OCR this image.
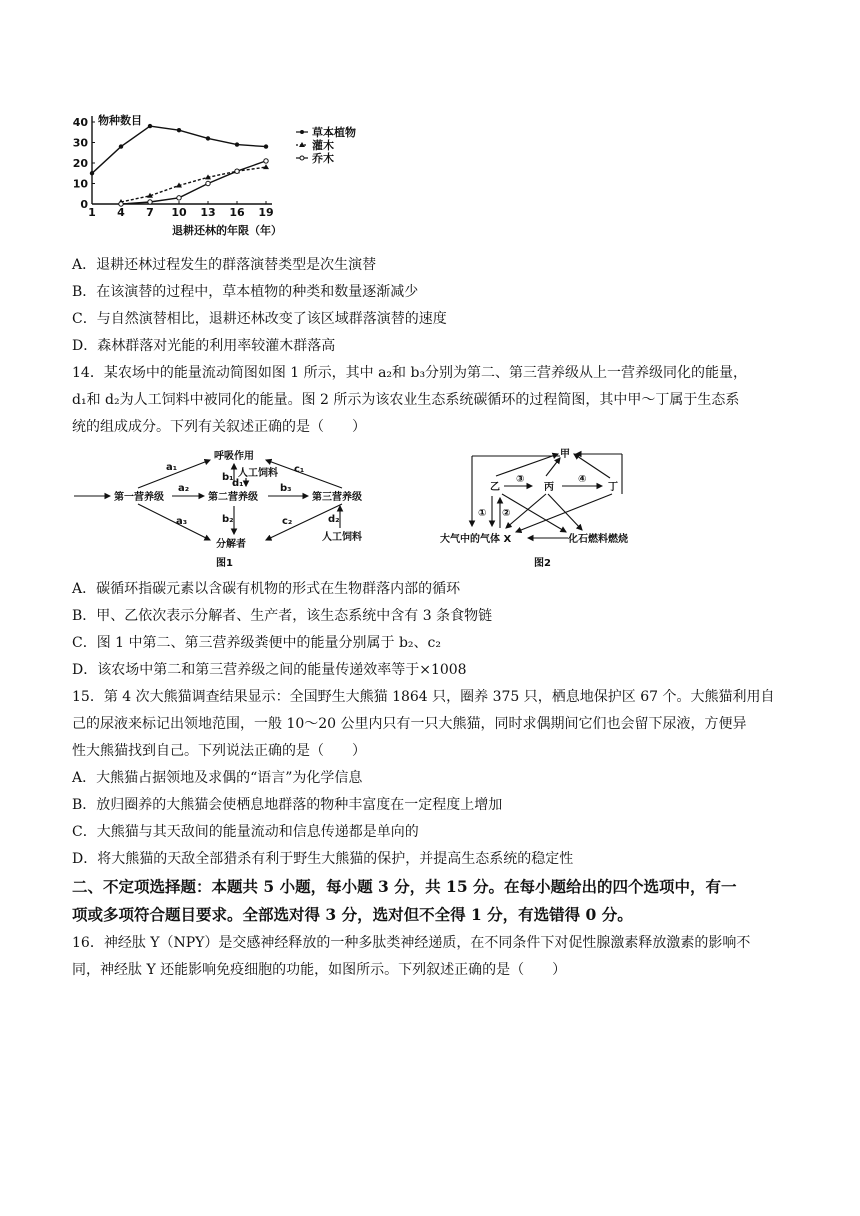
物种数目
退耕还林的年限（年）
草本植物
灌木
乔木
1 4 7 10 13 16 19
0
10
20
30
40
A．退耕还林过程发生的群落演替类型是次生演替
B．在该演替的过程中，草本植物的种类和数量逐渐减少
C．与自然演替相比，退耕还林改变了该区域群落演替的速度
D．森林群落对光能的利用率较灌木群落高
14．某农场中的能量流动简图如图 1 所示，其中 a₂和 b₃分别为第二、第三营养级从上一营养级同化的能量，
d₁和 d₂为人工饲料中被同化的能量。图 2 所示为该农业生态系统碳循环的过程简图，其中甲～丁属于生态系
统的组成成分。下列有关叙述正确的是（　　）
第一营养级	第二营养级	第三营养级
呼吸作用
人工饲料
人工饲料
分解者
a₁
a₂
a₃
b₁
b₂
b₃
c₁
c₂
d₁
d₂
图1
甲
乙	丙	丁
③	④
① ②
大气中的气体 X	化石燃料燃烧
图2
A．碳循环指碳元素以含碳有机物的形式在生物群落内部的循环
B．甲、乙依次表示分解者、生产者，该生态系统中含有 3 条食物链
C．图 1 中第二、第三营养级粪便中的能量分别属于 b₂、c₂
D．该农场中第二和第三营养级之间的能量传递效率等于×1008
15．第 4 次大熊猫调查结果显示：全国野生大熊猫 1864 只，圈养 375 只，栖息地保护区 67 个。大熊猫利用自
己的尿液来标记出领地范围，一般 10～20 公里内只有一只大熊猫，同时求偶期间它们也会留下尿液，方便异
性大熊猫找到自己。下列说法正确的是（　　）
A．大熊猫占据领地及求偶的“语言”为化学信息
B．放归圈养的大熊猫会使栖息地群落的物种丰富度在一定程度上增加
C．大熊猫与其天敌间的能量流动和信息传递都是单向的
D．将大熊猫的天敌全部猎杀有利于野生大熊猫的保护，并提高生态系统的稳定性
二、不定项选择题：本题共 5 小题，每小题 3 分，共 15 分。在每小题给出的四个选项中，有一
项或多项符合题目要求。全部选对得 3 分，选对但不全得 1 分，有选错得 0 分。
16．神经肽 Y（NPY）是交感神经释放的一种多肽类神经递质，在不同条件下对促性腺激素释放激素的影响不
同，神经肽 Y 还能影响免疫细胞的功能，如图所示。下列叙述正确的是（　　）
